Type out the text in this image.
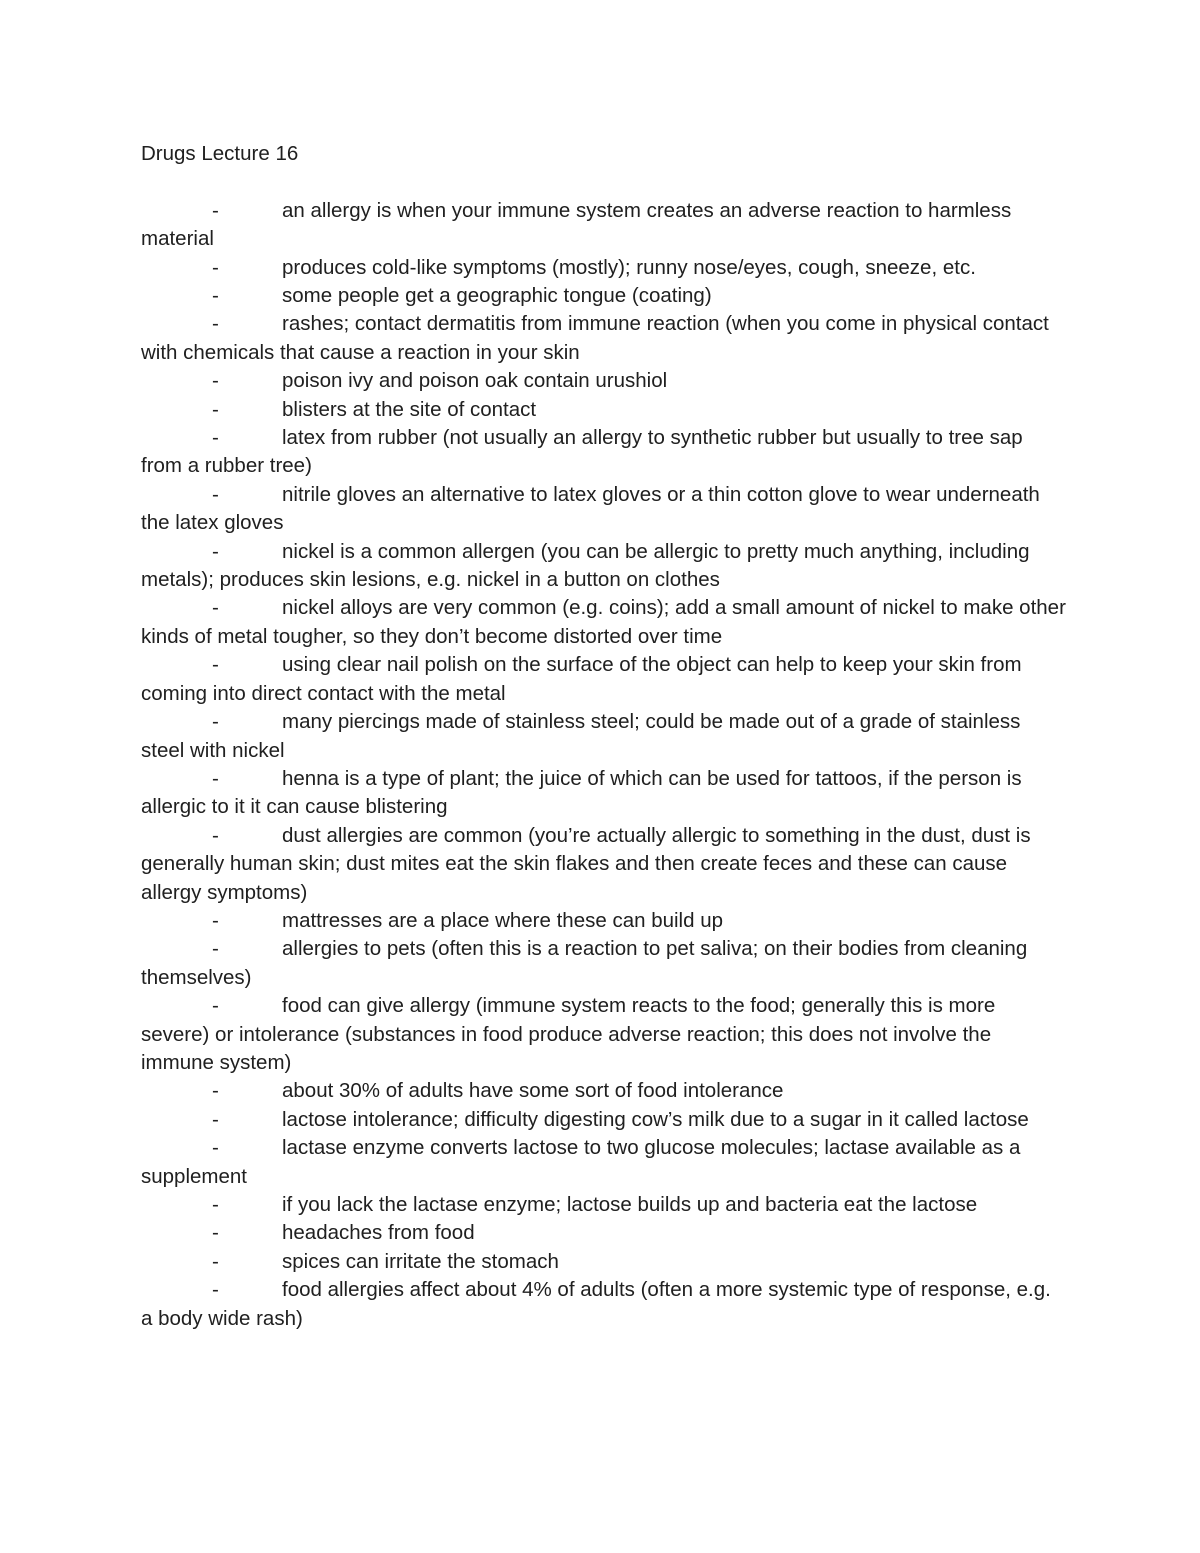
Drugs Lecture 16
-	an allergy is when your immune system creates an adverse reaction to harmless material
-	produces cold-like symptoms (mostly); runny nose/eyes, cough, sneeze, etc.
-	some people get a geographic tongue (coating)
-	rashes; contact dermatitis from immune reaction (when you come in physical contact with chemicals that cause a reaction in your skin
-	poison ivy and poison oak contain urushiol
-	blisters at the site of contact
-	latex from rubber (not usually an allergy to synthetic rubber but usually to tree sap from a rubber tree)
-	nitrile gloves an alternative to latex gloves or a thin cotton glove to wear underneath the latex gloves
-	nickel is a common allergen (you can be allergic to pretty much anything, including metals); produces skin lesions, e.g. nickel in a button on clothes
-	nickel alloys are very common (e.g. coins); add a small amount of nickel to make other kinds of metal tougher, so they don’t become distorted over time
-	using clear nail polish on the surface of the object can help to keep your skin from coming into direct contact with the metal
-	many piercings made of stainless steel; could be made out of a grade of stainless steel with nickel
-	henna is a type of plant; the juice of which can be used for tattoos, if the person is allergic to it it can cause blistering
-	dust allergies are common (you’re actually allergic to something in the dust, dust is generally human skin; dust mites eat the skin flakes and then create feces and these can cause allergy symptoms)
-	mattresses are a place where these can build up
-	allergies to pets (often this is a reaction to pet saliva; on their bodies from cleaning themselves)
-	food can give allergy (immune system reacts to the food; generally this is more severe) or intolerance (substances in food produce adverse reaction; this does not involve the immune system)
-	about 30% of adults have some sort of food intolerance
-	lactose intolerance; difficulty digesting cow’s milk due to a sugar in it called lactose
-	lactase enzyme converts lactose to two glucose molecules; lactase available as a supplement
-	if you lack the lactase enzyme; lactose builds up and bacteria eat the lactose
-	headaches from food
-	spices can irritate the stomach
-	food allergies affect about 4% of adults (often a more systemic type of response, e.g. a body wide rash)
